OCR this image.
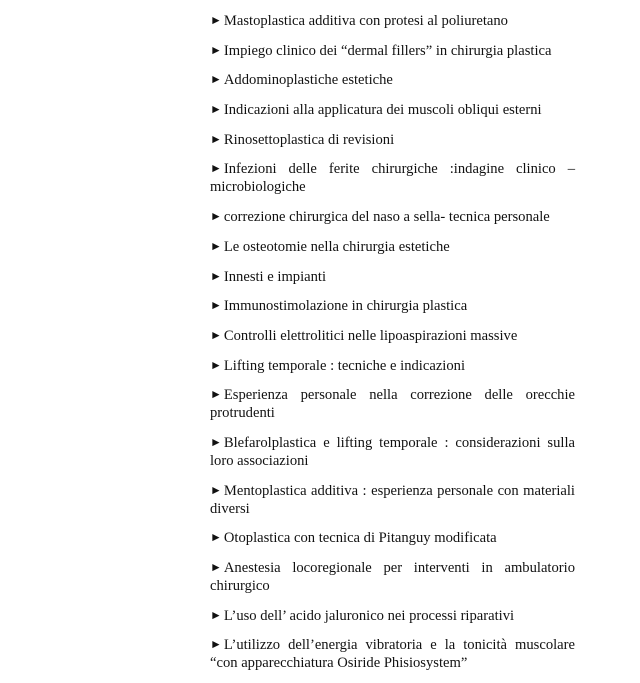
► Mastoplastica additiva con protesi al poliuretano
► Impiego clinico dei “dermal fillers” in chirurgia plastica
► Addominoplastiche estetiche
► Indicazioni alla applicatura dei muscoli obliqui esterni
► Rinosettoplastica di revisioni
► Infezioni delle ferite chirurgiche :indagine clinico – microbiologiche
► correzione chirurgica del naso a sella- tecnica personale
► Le osteotomie nella chirurgia estetiche
► Innesti e impianti
► Immunostimolazione in chirurgia plastica
► Controlli elettrolitici nelle lipoaspirazioni massive
► Lifting temporale : tecniche e indicazioni
► Esperienza personale nella correzione delle orecchie protrudenti
► Blefarolplastica e lifting temporale : considerazioni sulla loro associazioni
► Mentoplastica additiva : esperienza personale con materiali diversi
► Otoplastica con tecnica di Pitanguy modificata
► Anestesia locoregionale per interventi in ambulatorio chirurgico
► L’uso dell’ acido jaluronico nei processi riparativi
► L’utilizzo dell’energia vibratoria e la tonicità muscolare “con apparecchiatura Osiride Phisiosystem”
